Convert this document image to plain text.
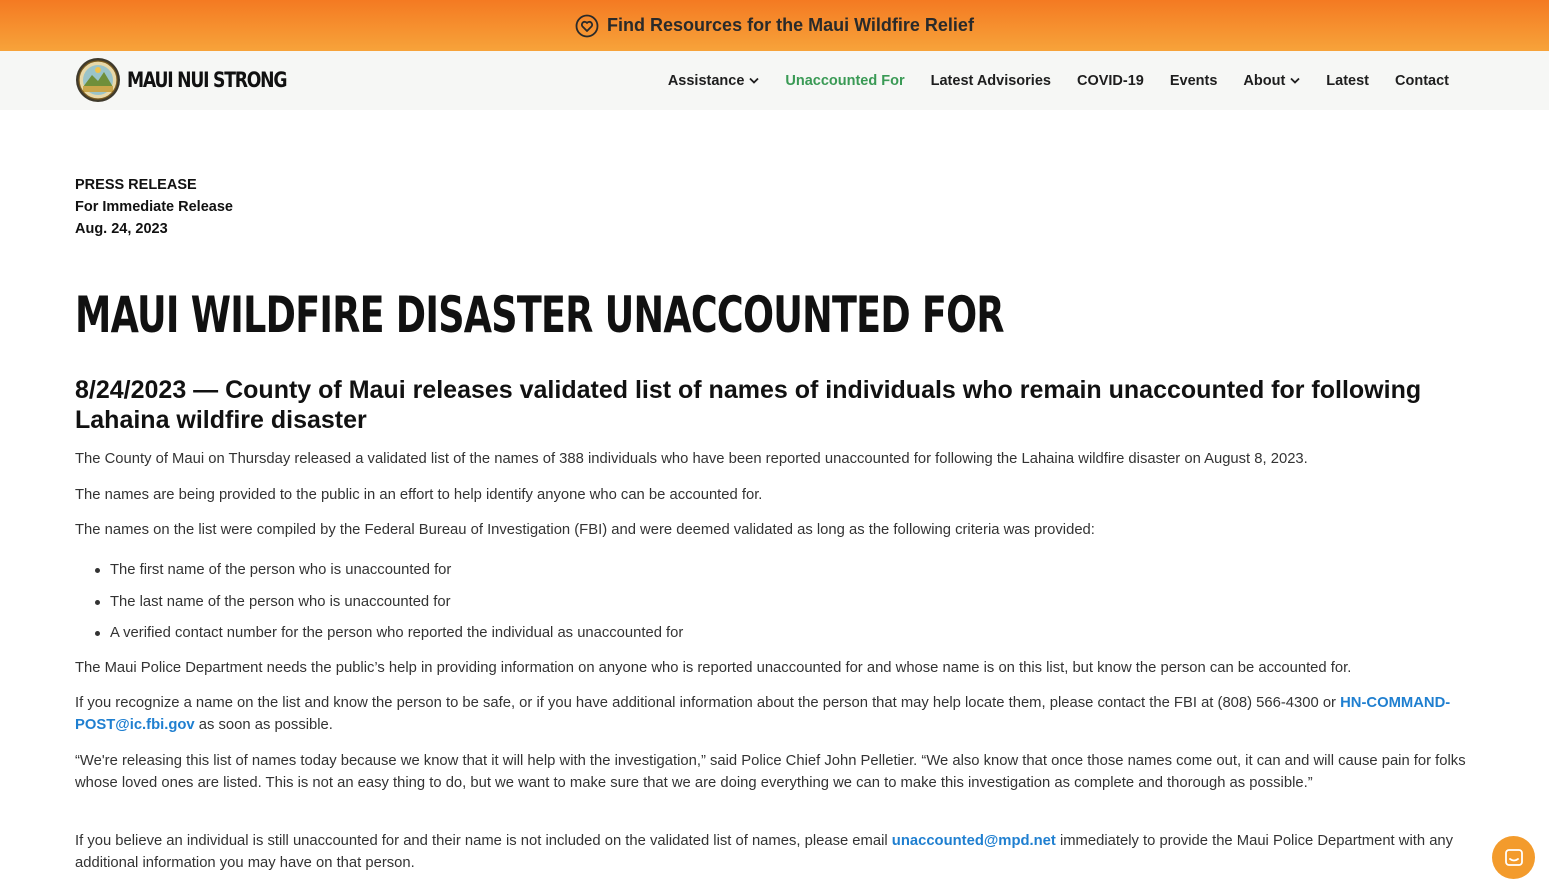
Find Resources for the Maui Wildfire Relief
MAUI NUI STRONG	Assistance	Unaccounted For Latest Advisories COVID-19 Events About	Latest Contact
PRESS RELEASE
For Immediate Release
Aug. 24, 2023
MAUI WILDFIRE DISASTER UNACCOUNTED FOR
8/24/2023 — County of Maui releases validated list of names of individuals who remain unaccounted for following Lahaina wildfire disaster

The County of Maui on Thursday released a validated list of the names of 388 individuals who have been reported unaccounted for following the Lahaina wildfire disaster on August 8, 2023.

The names are being provided to the public in an effort to help identify anyone who can be accounted for.

The names on the list were compiled by the Federal Bureau of Investigation (FBI) and were deemed validated as long as the following criteria was provided:

The first name of the person who is unaccounted for
The last name of the person who is unaccounted for
A verified contact number for the person who reported the individual as unaccounted for

The Maui Police Department needs the public’s help in providing information on anyone who is reported unaccounted for and whose name is on this list, but know the person can be accounted for.

If you recognize a name on the list and know the person to be safe, or if you have additional information about the person that may help locate them, please contact the FBI at (808) 566-4300 or HN-COMMAND-POST@ic.fbi.gov as soon as possible.

“We're releasing this list of names today because we know that it will help with the investigation,” said Police Chief John Pelletier. “We also know that once those names come out, it can and will cause pain for folks whose loved ones are listed. This is not an easy thing to do, but we want to make sure that we are doing everything we can to make this investigation as complete and thorough as possible.”

If you believe an individual is still unaccounted for and their name is not included on the validated list of names, please email unaccounted@mpd.net immediately to provide the Maui Police Department with any additional information you may have on that person.
